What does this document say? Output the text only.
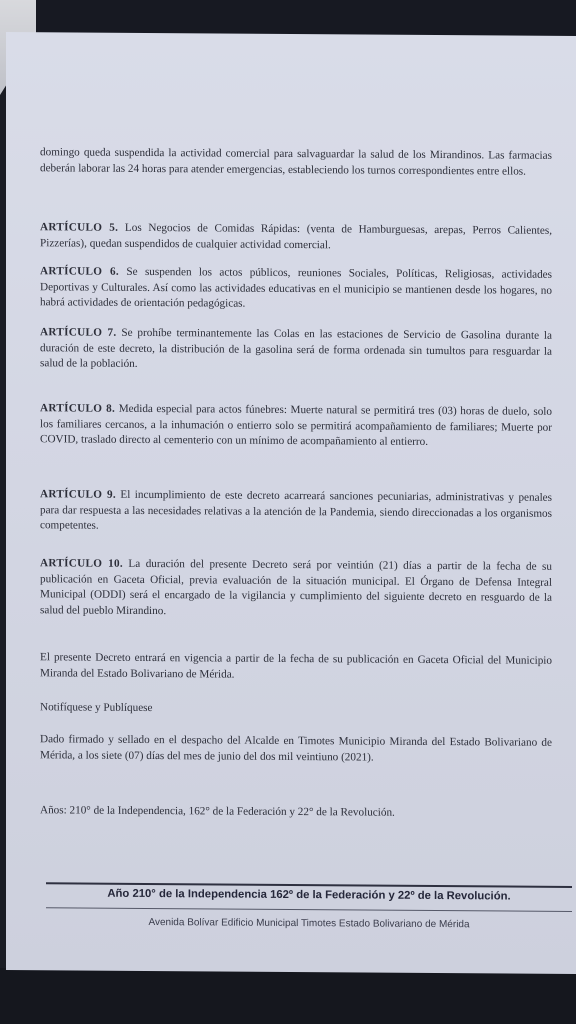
domingo queda suspendida la actividad comercial para salvaguardar la salud de los Mirandinos. Las farmacias deberán laborar las 24 horas para atender emergencias, estableciendo los turnos correspondientes entre ellos.

ARTÍCULO 5. Los Negocios de Comidas Rápidas: (venta de Hamburguesas, arepas, Perros Calientes, Pizzerías), quedan suspendidos de cualquier actividad comercial.

ARTÍCULO 6. Se suspenden los actos públicos, reuniones Sociales, Políticas, Religiosas, actividades Deportivas y Culturales. Así como las actividades educativas en el municipio se mantienen desde los hogares, no habrá actividades de orientación pedagógicas.

ARTÍCULO 7. Se prohíbe terminantemente las Colas en las estaciones de Servicio de Gasolina durante la duración de este decreto, la distribución de la gasolina será de forma ordenada sin tumultos para resguardar la salud de la población.

ARTÍCULO 8. Medida especial para actos fúnebres: Muerte natural se permitirá tres (03) horas de duelo, solo los familiares cercanos, a la inhumación o entierro solo se permitirá acompañamiento de familiares; Muerte por COVID, traslado directo al cementerio con un mínimo de acompañamiento al entierro.

ARTÍCULO 9. El incumplimiento de este decreto acarreará sanciones pecuniarias, administrativas y penales para dar respuesta a las necesidades relativas a la atención de la Pandemia, siendo direccionadas a los organismos competentes.

ARTÍCULO 10. La duración del presente Decreto será por veintiún (21) días a partir de la fecha de su publicación en Gaceta Oficial, previa evaluación de la situación municipal. El Órgano de Defensa Integral Municipal (ODDI) será el encargado de la vigilancia y cumplimiento del siguiente decreto en resguardo de la salud del pueblo Mirandino.

El presente Decreto entrará en vigencia a partir de la fecha de su publicación en Gaceta Oficial del Municipio Miranda del Estado Bolivariano de Mérida.

Notifíquese y Publíquese

Dado firmado y sellado en el despacho del Alcalde en Timotes Municipio Miranda del Estado Bolivariano de Mérida, a los siete (07) días del mes de junio del dos mil veintiuno (2021).

Años: 210° de la Independencia, 162° de la Federación y 22° de la Revolución.

Año 210° de la Independencia 162º de la Federación y 22º de la Revolución.
Avenida Bolívar Edificio Municipal Timotes Estado Bolivariano de Mérida
